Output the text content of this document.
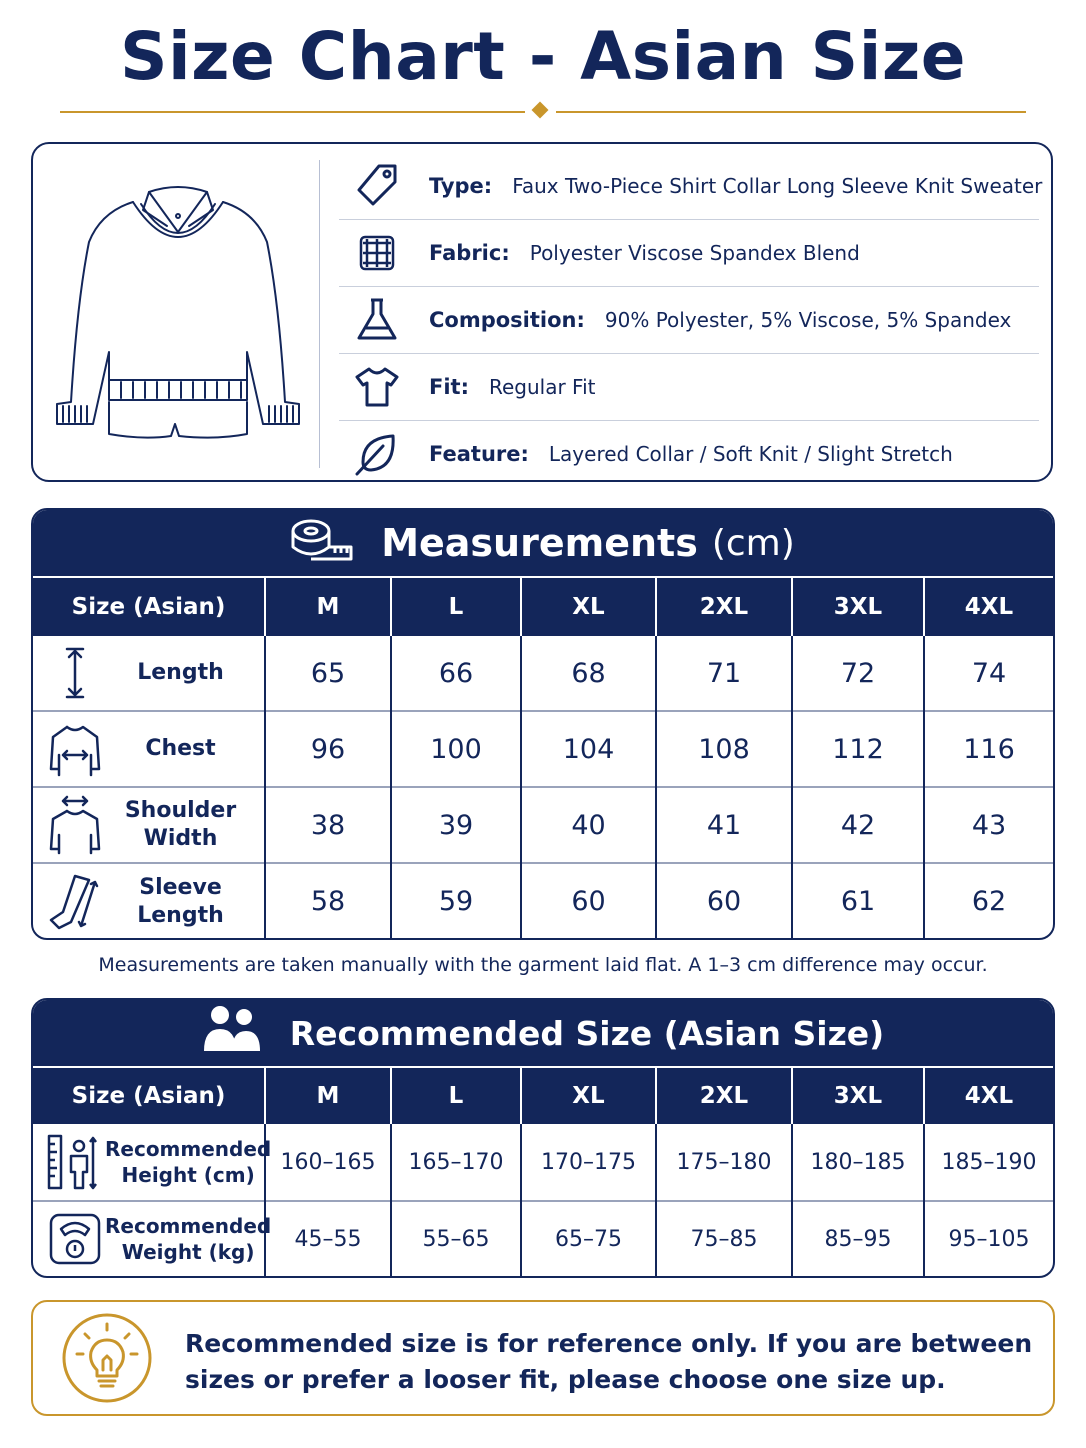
Size Chart - Asian Size
Type: Faux Two-Piece Shirt Collar Long Sleeve Knit Sweater
Fabric: Polyester Viscose Spandex Blend
Composition: 90% Polyester, 5% Viscose, 5% Spandex
Fit: Regular Fit
Feature: Layered Collar / Soft Knit / Slight Stretch
Measurements (cm)
Size (Asian)	M	L	XL	2XL	3XL	4XL

Length	65	66	68	71	72	74

Chest	96	100	104	108	112	116

Shoulder Width	38	39	40	41	42	43

Sleeve Length	58	59	60	60	61	62
Measurements are taken manually with the garment laid flat. A 1–3 cm difference may occur.
Recommended Size (Asian Size)
Size (Asian)	M	L	XL	2XL	3XL	4XL

Recommended Height (cm)	160–165	165–170	170–175	175–180	180–185	185–190

Recommended Weight (kg)	45–55	55–65	65–75	75–85	85–95	95–105
Recommended size is for reference only. If you are between sizes or prefer a looser fit, please choose one size up.
